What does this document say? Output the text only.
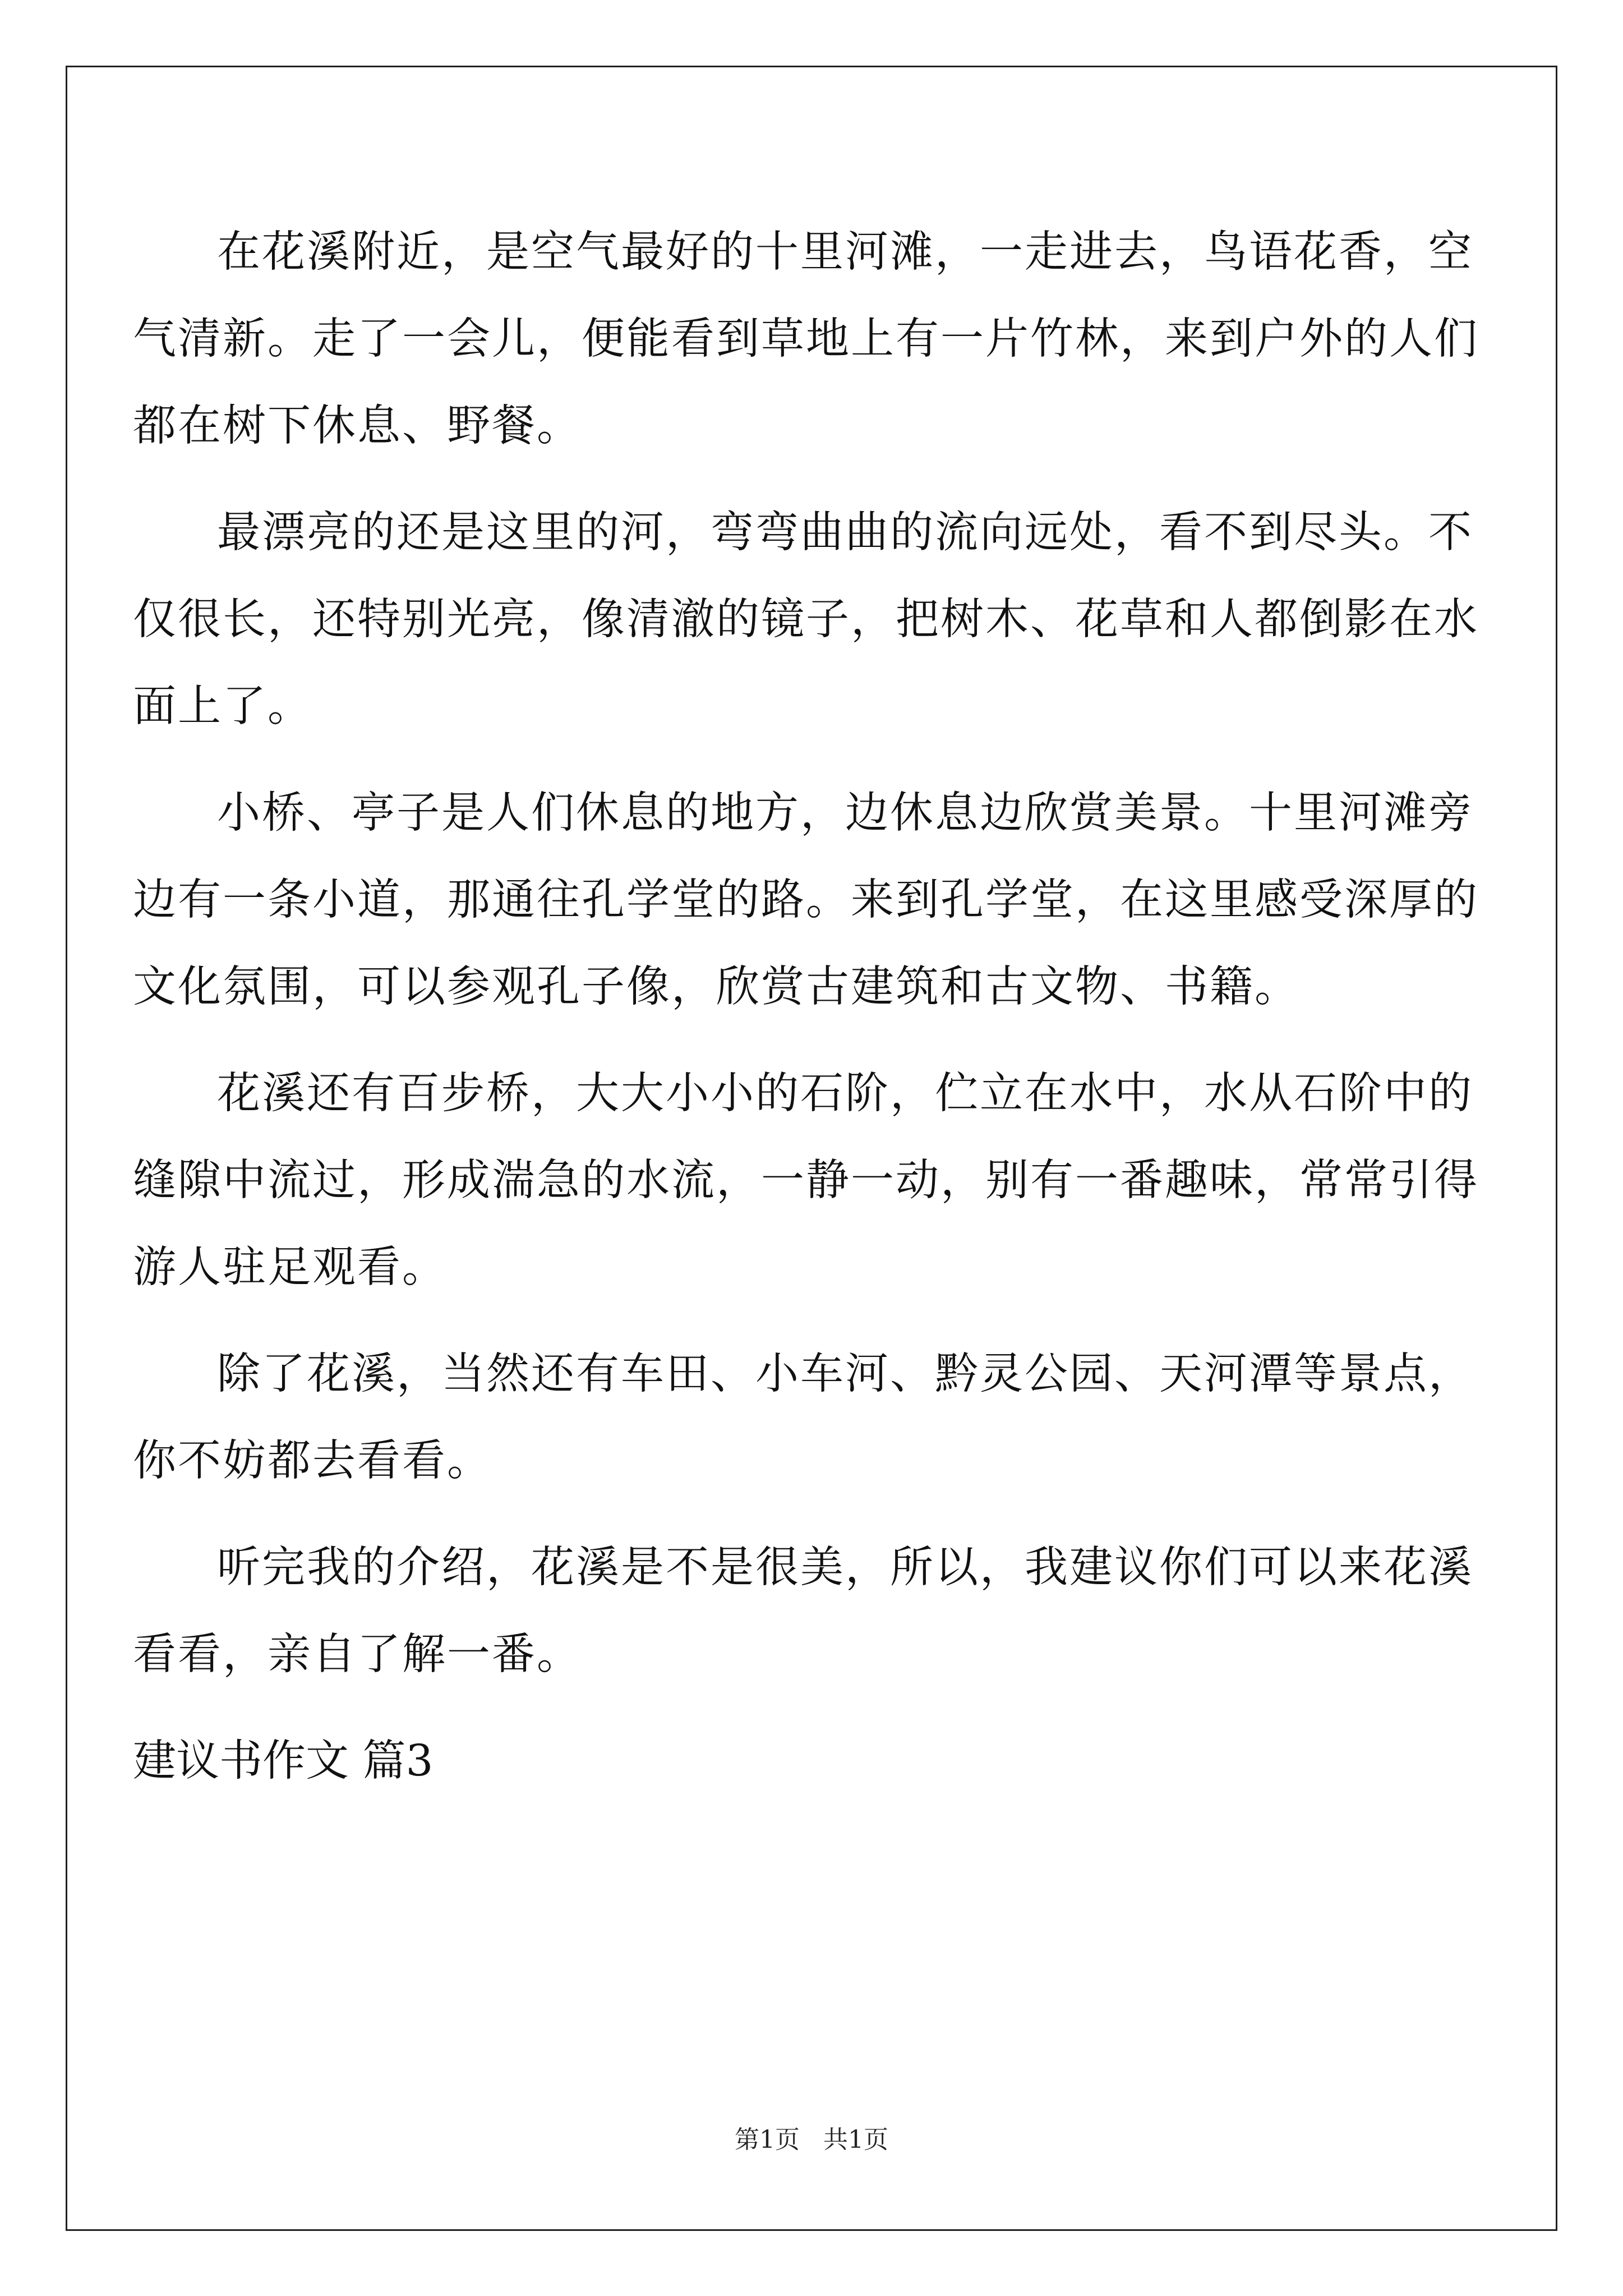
在花溪附近，是空气最好的十里河滩，一走进去，鸟语花香，空
气清新。走了一会儿，便能看到草地上有一片竹林，来到户外的人们
都在树下休息、野餐。
最漂亮的还是这里的河，弯弯曲曲的流向远处，看不到尽头。不
仅很长，还特别光亮，像清澈的镜子，把树木、花草和人都倒影在水
面上了。
小桥、亭子是人们休息的地方，边休息边欣赏美景。十里河滩旁
边有一条小道，那通往孔学堂的路。来到孔学堂，在这里感受深厚的
文化氛围，可以参观孔子像，欣赏古建筑和古文物、书籍。
花溪还有百步桥，大大小小的石阶，伫立在水中，水从石阶中的
缝隙中流过，形成湍急的水流，一静一动，别有一番趣味，常常引得
游人驻足观看。
除了花溪，当然还有车田、小车河、黔灵公园、天河潭等景点，
你不妨都去看看。
听完我的介绍，花溪是不是很美，所以，我建议你们可以来花溪
看看，亲自了解一番。
建议书作文 篇3
第1页   共1页
